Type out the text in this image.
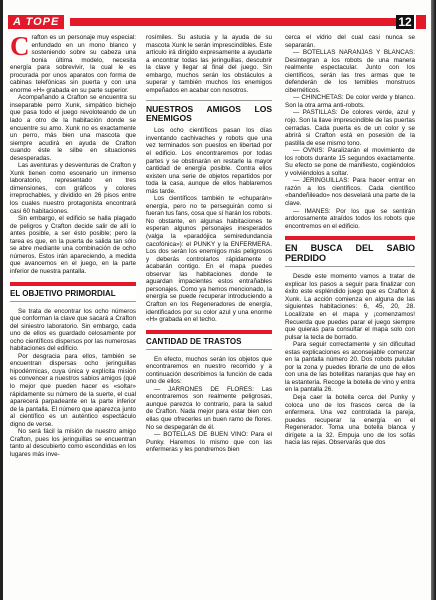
A TOPE	12

Crafton es un personaje muy especial: enfundado en un mono blanco y sosteniendo sobre su cabeza una bonia última modelo, necesita energía para sobrevivir, la cual le es procurada por unos aparatos con forma de cabinas telefónicas sin puerta y con una enorme «H» grabada en su parte superior.

Acompañando a Crafton se encuentra su inseparable perro Xunk, simpático bichejo que pasa todo el juego revoloteando de un lado a otro de la habitación donde se encuentre su amo. Xunk no es exactamente un perro, más bien una mascota que siempre acudirá en ayuda de Crafton cuando éste le silbe en situaciones desesperadas.

Las aventuras y desventuras de Crafton y Xunk tienen como escenario un inmenso laboratorio, representado en tres dimensiones, con gráficos y colores irreprochables, y dividido en 26 pisos entre los cuales nuestro protagonista encontrará casi 60 habitaciones.

Sin embargo, el edificio se halla plagado de peligros y Crafton decide salir de allí lo antes posible, a ser ésto posible; pero la tarea es que, en la puerta de salida tan sólo se abre mediante una combinación de ocho números. Estos irán apareciendo, a medida que avancemos en el juego, en la parte inferior de nuestra pantalla.

EL OBJETIVO PRIMORDIAL

Se trata de encontrar los ocho números que conforman la clave que sacará a Crafton del siniestro laboratorio. Sin embargo, cada uno de ellos es guardado celosamente por ocho científicos dispersos por las numerosas habitaciones del edificio.

Por desgracia para ellos, también se encuentran dispersas ocho jeringuillas hipodérmicas, cuya única y explícita misión es convencer a nuestros sabios amigos (qué lo mejor que pueden hacer es «soltar» rápidamente su número de la suerte, el cual aparecerá parpadeante en la parte inferior de la pantalla. El número que aparezca junto al científico es un auténtico espectáculo digno de verse.

No será fácil la misión de nuestro amigo Crafton, pues los jeringuillas se encuentran tanto al descubierto como escondidas en los lugares más inve-

rosímiles. Su astucia y la ayuda de su mascota Xunk le serán imprescindibles. Este artículo irá dirigido expresamente a ayudarte a encontrar todas las jeringuillas, descubrir la clave y llegar al final del juego. Sin embargo, muchos serán los obstáculos a superar y también muchos los enemigos empeñados en acabar con nosotros.

NUESTROS AMIGOS LOS ENEMIGOS

Los ocho científicos pasan los días inventando cachivaches y robots que una vez terminados son puestos en libertad por el edificio. Los encontraremos por todas partes y se obstinarán en restarle la mayor cantidad de energía posible. Contra ellos existen una serie de objetos repartidos por toda la casa, aunque de ellos hablaremos más tarde.

Los científicos también te «chuparán» energía, pero no te perseguirán como si fueran tus fans, cosa que sí harán los robots. No obstante, en algunas habitaciones te esperan algunos personajes inesperados (valga la «paradójica semiredundancia cacofónica»): el PUNKY y la ENFERMERA. Los dos serán los enemigos más peligrosos y deberás controlarlos rápidamente o acabarán contigo. En el mapa puedes observar las habitaciones donde te aguardan impacientes estos entrañables personajes. Como ya hemos mencionado, la energía se puede recuperar introduciendo a Crafton en los Regeneradores de energía, identificados por su color azul y una enorme «H» grabada en el techo.

CANTIDAD DE TRASTOS

En efecto, muchos serán los objetos que encontraremos en nuestro recorrido y a continuación describimos la función de cada uno de ellos:

— JARRONES DE FLORES: Las encontraremos son realmente peligrosas, aunque parezca lo contrario, para la salud de Crafton. Nada mejor para estar bien con ellas que ofrecerles un buen ramo de flores. No se despegarán de él.

— BOTELLAS DE BUEN VINO: Para el Punky. Haremos lo mismo que con las enfermeras y les pondremos bien

cerca el vidrio del cual casi nunca se separarán.

— BOTELLAS NARANJAS Y BLANCAS: Desintegran a los robots de una manera realmente espectacular. Junto con los científicos, serán las tres armas que te defenderán de los temibles monstruos cibernéticos.

— CHINCHETAS: De color verde y blanco. Son la otra arma anti-robots.

— PASTILLAS: De colores verde, azul y rojo. Son la llave imprescindible de las puertas cerradas. Cada puerta es de un color y se abrirá si Crafton está en posesión de la pastilla de ese mismo tono.

— OVNIS: Paralizarán el movimiento de los robots durante 15 segundos exactamente. Su efecto se pone de manifiesto, cogiéndolos y volviéndolos a soltar.

— JERINGUILLAS: Para hacer entrar en razón a los científicos. Cada científico «bandeñileado» nos desvelará una parte de la clave.

— IMANES: Por los que se sentirán ardorosamente atraídos todos los robots que encontremos en el edificio.

EN BUSCA DEL SABIO PERDIDO

Desde este momento vamos a tratar de explicar los pasos a seguir para finalizar con éxito este espléndido juego que es Crafton & Xunk. La acción comienza en alguna de las siguientes habitaciones: 6, 45, 20, 28. Localízate en el mapa y ¡comenzamos! Recuerda que puedes parar el juego siempre que quieras para consultar el mapa solo con pulsar la tecla de borrado.

Para seguir correctamente y sin dificultad estas explicaciones es aconsejable comenzar en la pantalla número 20. Dos robots pululan por la zona y puedes librarte de uno de ellos con una de las botellitas naranjas que hay en la estantería. Recoge la botella de vino y entra en la pantalla 26.

Deja caer la botella cerca del Punky y coloca uno de los frascos cerca de la enfermera. Una vez controlada la pareja, puedes recuperar la energía en el Regenerador. Toma una botella blanca y dirígete a la 32. Empuja uno de los sofás hacia las rejas. Observarás que dos
